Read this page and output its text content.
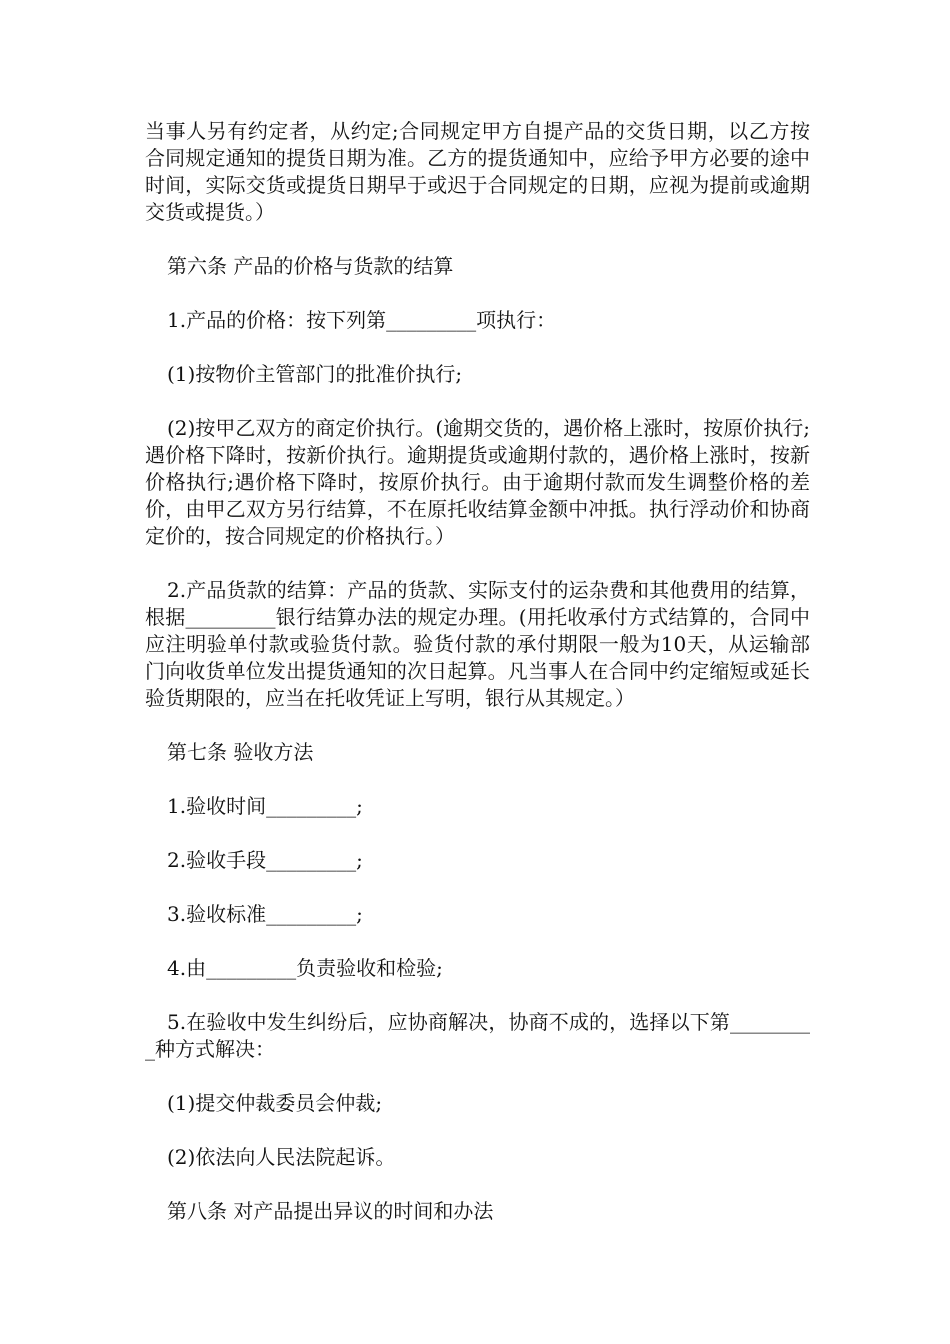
当事人另有约定者，从约定;合同规定甲方自提产品的交货日期，以乙方按合同规定通知的提货日期为准。乙方的提货通知中，应给予甲方必要的途中时间，实际交货或提货日期早于或迟于合同规定的日期，应视为提前或逾期交货或提货。）

第六条 产品的价格与货款的结算

1.产品的价格：按下列第_________项执行：

(1)按物价主管部门的批准价执行;

(2)按甲乙双方的商定价执行。(逾期交货的，遇价格上涨时，按原价执行;遇价格下降时，按新价执行。逾期提货或逾期付款的，遇价格上涨时，按新价格执行;遇价格下降时，按原价执行。由于逾期付款而发生调整价格的差价，由甲乙双方另行结算，不在原托收结算金额中冲抵。执行浮动价和协商定价的，按合同规定的价格执行。）

2.产品货款的结算：产品的货款、实际支付的运杂费和其他费用的结算，根据_________银行结算办法的规定办理。(用托收承付方式结算的，合同中应注明验单付款或验货付款。验货付款的承付期限一般为10天，从运输部门向收货单位发出提货通知的次日起算。凡当事人在合同中约定缩短或延长验货期限的，应当在托收凭证上写明，银行从其规定。）

第七条 验收方法

1.验收时间_________;

2.验收手段_________;

3.验收标准_________;

4.由_________负责验收和检验;

5.在验收中发生纠纷后，应协商解决，协商不成的，选择以下第_________种方式解决：

(1)提交仲裁委员会仲裁;

(2)依法向人民法院起诉。

第八条 对产品提出异议的时间和办法
